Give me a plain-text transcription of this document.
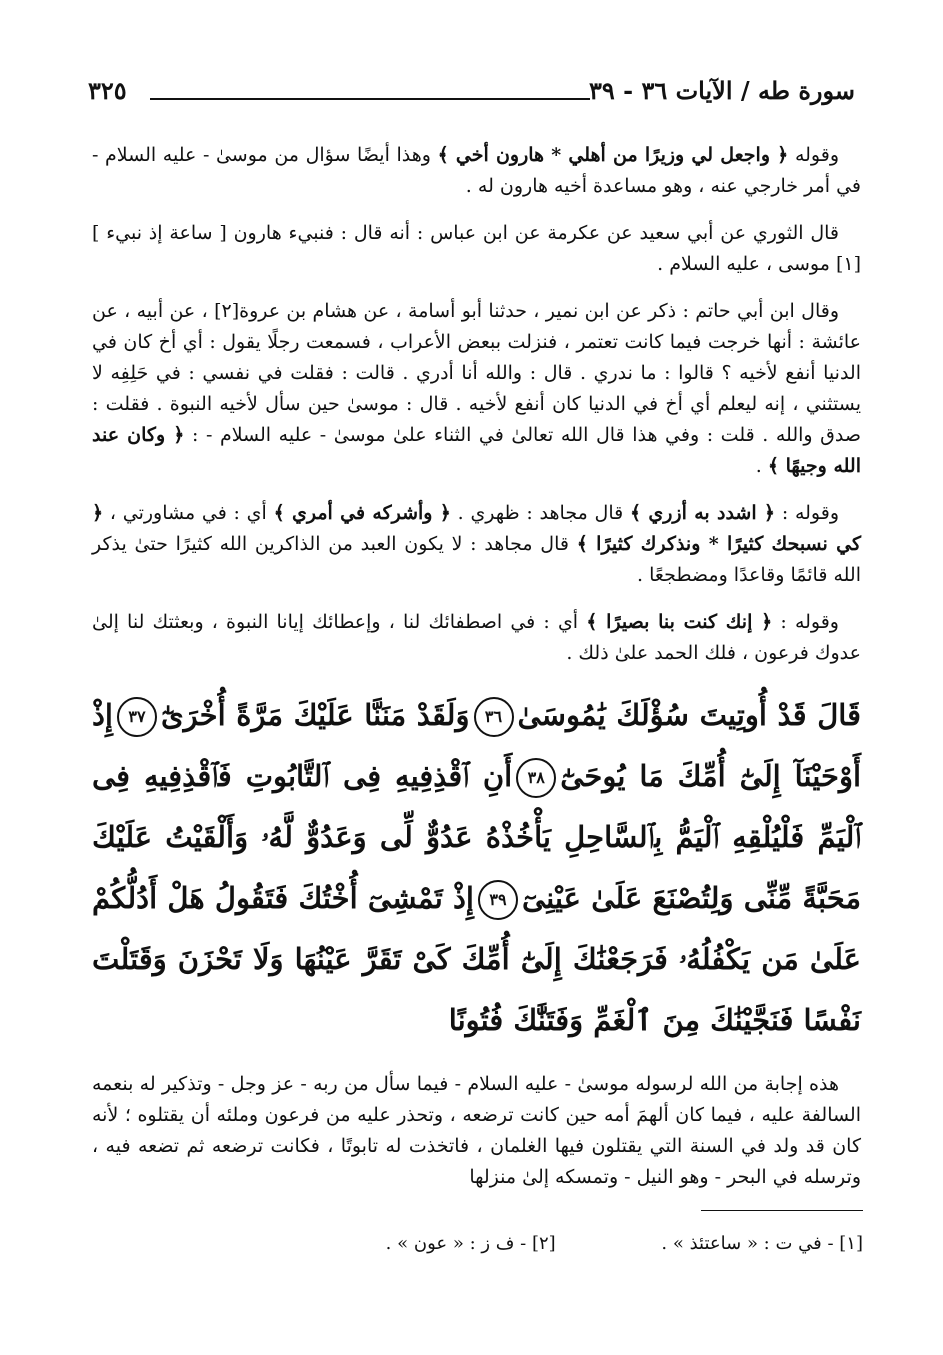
سورة طه / الآيات ٣٦ - ٣٩
٣٢٥
وقوله ﴿ واجعل لي وزيرًا من أهلي * هارون أخي ﴾ وهذا أيضًا سؤال من موسىٰ - عليه السلام - في أمر خارجي عنه ، وهو مساعدة أخيه هارون له .
قال الثوري عن أبي سعيد عن عكرمة عن ابن عباس : أنه قال : فنبيء هارون [ ساعة إذ نبيء ][١] موسى ، عليه السلام .
وقال ابن أبي حاتم : ذكر عن ابن نمير ، حدثنا أبو أسامة ، عن هشام بن عروة[٢] ، عن أبيه ، عن عائشة : أنها خرجت فيما كانت تعتمر ، فنزلت ببعض الأعراب ، فسمعت رجلًا يقول : أي أخ كان في الدنيا أنفع لأخيه ؟ قالوا : ما ندري . قال : والله أنا أدري . قالت : فقلت في نفسي : في حَلِفِه لا يستثني ، إنه ليعلم أي أخ في الدنيا كان أنفع لأخيه . قال : موسىٰ حين سأل لأخيه النبوة . فقلت : صدق والله . قلت : وفي هذا قال الله تعالىٰ في الثناء علىٰ موسىٰ - عليه السلام - : ﴿ وكان عند الله وجيهًا ﴾ .
وقوله : ﴿ اشدد به أزري ﴾ قال مجاهد : ظهري . ﴿ وأشركه في أمري ﴾ أي : في مشاورتي ، ﴿ كي نسبحك كثيرًا * ونذكرك كثيرًا ﴾ قال مجاهد : لا يكون العبد من الذاكرين الله كثيرًا حتىٰ يذكر الله قائمًا وقاعدًا ومضطجعًا .
وقوله : ﴿ إنك كنت بنا بصيرًا ﴾ أي : في اصطفائك لنا ، وإعطائك إيانا النبوة ، وبعثتك لنا إلىٰ عدوك فرعون ، فلك الحمد علىٰ ذلك .
قَالَ قَدْ أُوتِيتَ سُؤْلَكَ يَٰمُوسَىٰ٣٦وَلَقَدْ مَنَنَّا عَلَيْكَ مَرَّةً أُخْرَىٰٓ٣٧إِذْ أَوْحَيْنَآ إِلَىٰٓ أُمِّكَ مَا يُوحَىٰٓ٣٨أَنِ ٱقْذِفِيهِ فِى ٱلتَّابُوتِ فَٱقْذِفِيهِ فِى ٱلْيَمِّ فَلْيُلْقِهِ ٱلْيَمُّ بِٱلسَّاحِلِ يَأْخُذْهُ عَدُوٌّ لِّى وَعَدُوٌّ لَّهُۥ وَأَلْقَيْتُ عَلَيْكَ مَحَبَّةً مِّنِّى وَلِتُصْنَعَ عَلَىٰ عَيْنِىٓ٣٩إِذْ تَمْشِىٓ أُخْتُكَ فَتَقُولُ هَلْ أَدُلُّكُمْ عَلَىٰ مَن يَكْفُلُهُۥ فَرَجَعْنَٰكَ إِلَىٰٓ أُمِّكَ كَىْ تَقَرَّ عَيْنُهَا وَلَا تَحْزَنَ وَقَتَلْتَ نَفْسًا فَنَجَّيْنَٰكَ مِنَ ٱلْغَمِّ وَفَتَنَّٰكَ فُتُونًا
هذه إجابة من الله لرسوله موسىٰ - عليه السلام - فيما سأل من ربه - عز وجل - وتذكير له بنعمه السالفة عليه ، فيما كان ألهمَ أمه حين كانت ترضعه ، وتحذر عليه من فرعون وملئه أن يقتلوه ؛ لأنه كان قد ولد في السنة التي يقتلون فيها الغلمان ، فاتخذت له تابوتًا ، فكانت ترضعه ثم تضعه فيه ، وترسله في البحر - وهو النيل - وتمسكه إلىٰ منزلها
[١] - في ت : « ساعتئذ » . [٢] - ف ز : « عون » .
